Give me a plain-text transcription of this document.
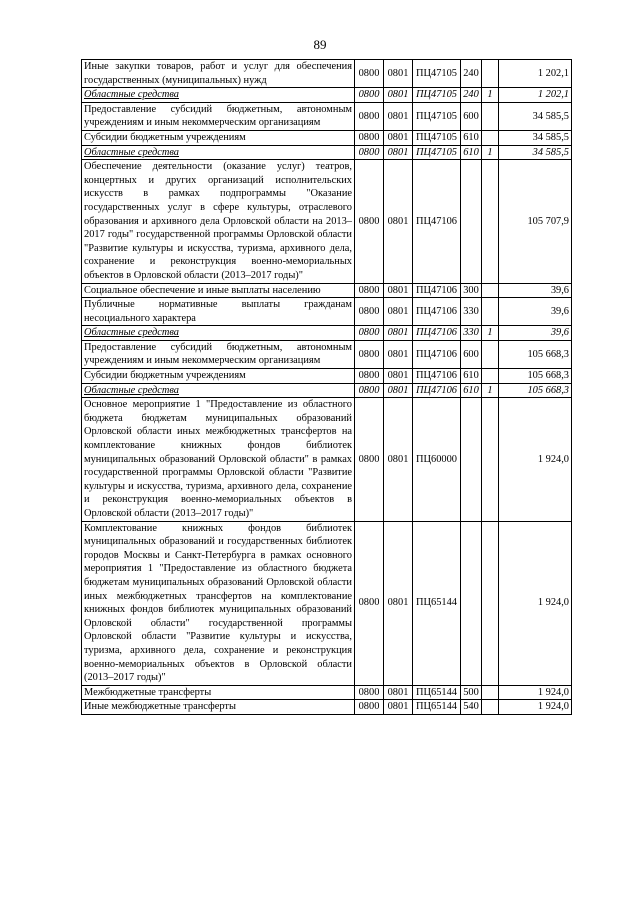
89
Иные закупки товаров, работ и услуг для обеспечения государственных (муниципальных) нужд	0800	0801	ПЦ47105	240		1 202,1
Областные средства	0800	0801	ПЦ47105	240	1	1 202,1
Предоставление субсидий бюджетным, автономным учреждениям и иным некоммерческим организациям	0800	0801	ПЦ47105	600		34 585,5
Субсидии бюджетным учреждениям	0800	0801	ПЦ47105	610		34 585,5
Областные средства	0800	0801	ПЦ47105	610	1	34 585,5
Обеспечение деятельности (оказание услуг) театров, концертных и других организаций исполнительских искусств в рамках подпрограммы "Оказание государственных услуг в сфере культуры, отраслевого образования и архивного дела Орловской области на 2013–2017 годы" государственной программы Орловской области "Развитие культуры и искусства, туризма, архивного дела, сохранение и реконструкция военно-мемориальных объектов в Орловской области (2013–2017 годы)"	0800	0801	ПЦ47106			105 707,9
Социальное обеспечение и иные выплаты населению	0800	0801	ПЦ47106	300		39,6
Публичные нормативные выплаты гражданам несоциального характера	0800	0801	ПЦ47106	330		39,6
Областные средства	0800	0801	ПЦ47106	330	1	39,6
Предоставление субсидий бюджетным, автономным учреждениям и иным некоммерческим организациям	0800	0801	ПЦ47106	600		105 668,3
Субсидии бюджетным учреждениям	0800	0801	ПЦ47106	610		105 668,3
Областные средства	0800	0801	ПЦ47106	610	1	105 668,3
Основное мероприятие 1 "Предоставление из областного бюджета бюджетам муниципальных образований Орловской области иных межбюджетных трансфертов на комплектование книжных фондов библиотек муниципальных образований Орловской области" в рамках государственной программы Орловской области "Развитие культуры и искусства, туризма, архивного дела, сохранение и реконструкция военно-мемориальных объектов в Орловской области (2013–2017 годы)"	0800	0801	ПЦ60000			1 924,0
Комплектование книжных фондов библиотек муниципальных образований и государственных библиотек городов Москвы и Санкт-Петербурга в рамках основного мероприятия 1 "Предоставление из областного бюджета бюджетам муниципальных образований Орловской области иных межбюджетных трансфертов на комплектование книжных фондов библиотек муниципальных образований Орловской области" государственной программы Орловской области "Развитие культуры и искусства, туризма, архивного дела, сохранение и реконструкция военно-мемориальных объектов в Орловской области (2013–2017 годы)"	0800	0801	ПЦ65144			1 924,0
Межбюджетные трансферты	0800	0801	ПЦ65144	500		1 924,0
Иные межбюджетные трансферты	0800	0801	ПЦ65144	540		1 924,0
